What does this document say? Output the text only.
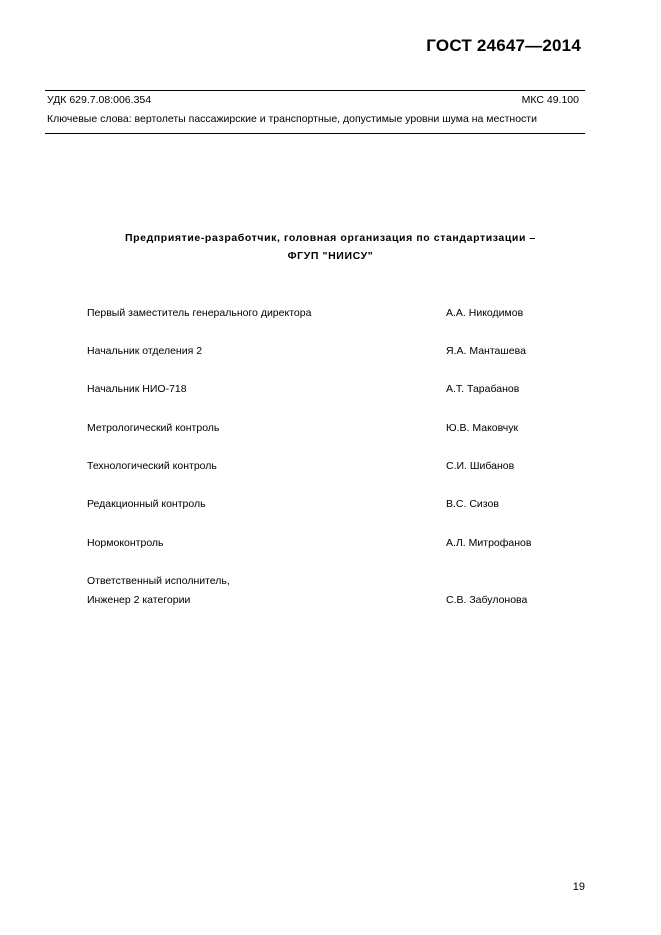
ГОСТ 24647—2014
УДК 629.7.08:006.354	МКС 49.100
Ключевые слова: вертолеты пассажирские и транспортные, допустимые уровни шума на местности
Предприятие-разработчик, головная организация по стандартизации –
ФГУП "НИИСУ"
Первый заместитель генерального директора	А.А. Никодимов
Начальник отделения 2	Я.А. Манташева
Начальник НИО-718	А.Т. Тарабанов
Метрологический контроль	Ю.В. Маковчук
Технологический контроль	С.И. Шибанов
Редакционный контроль	В.С. Сизов
Нормоконтроль	А.Л. Митрофанов
Ответственный исполнитель,
Инженер 2 категории	С.В. Забулонова
19
